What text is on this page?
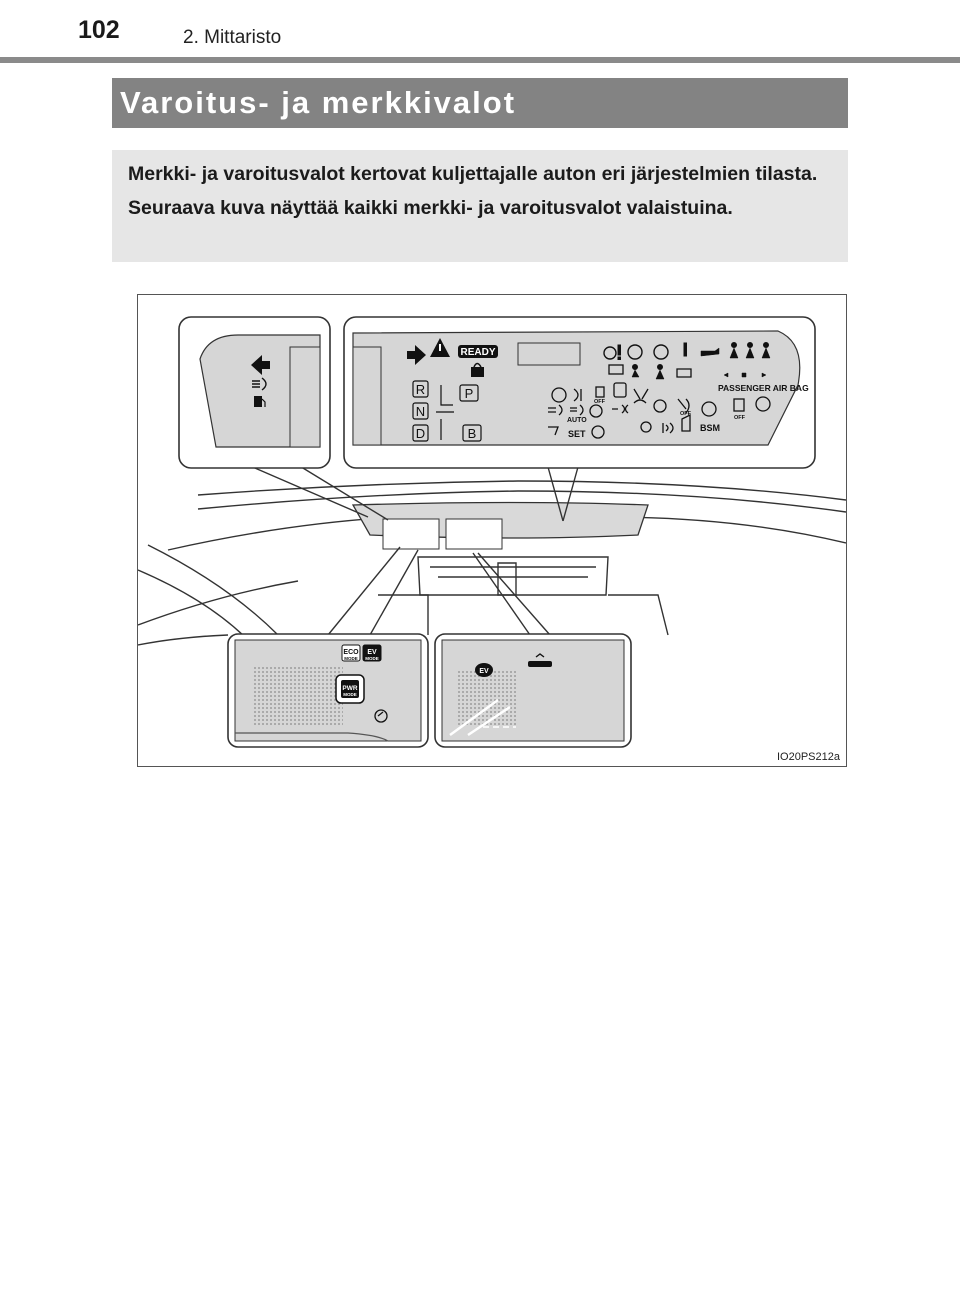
102	2. Mittaristo
Varoitus- ja merkkivalot

Merkki- ja varoitusvalot kertovat kuljettajalle auton eri järjestelmien tilasta.

Seuraava kuva näyttää kaikki merkki- ja varoitusvalot valaistuina.

READY
R
N
D
P
B
PASSENGER AIR BAG
OFF
AUTO
SET
BSM
OFF
OFF
ECO
MODE
EV
MODE
PWR
MODE
EV
IO20PS212a
